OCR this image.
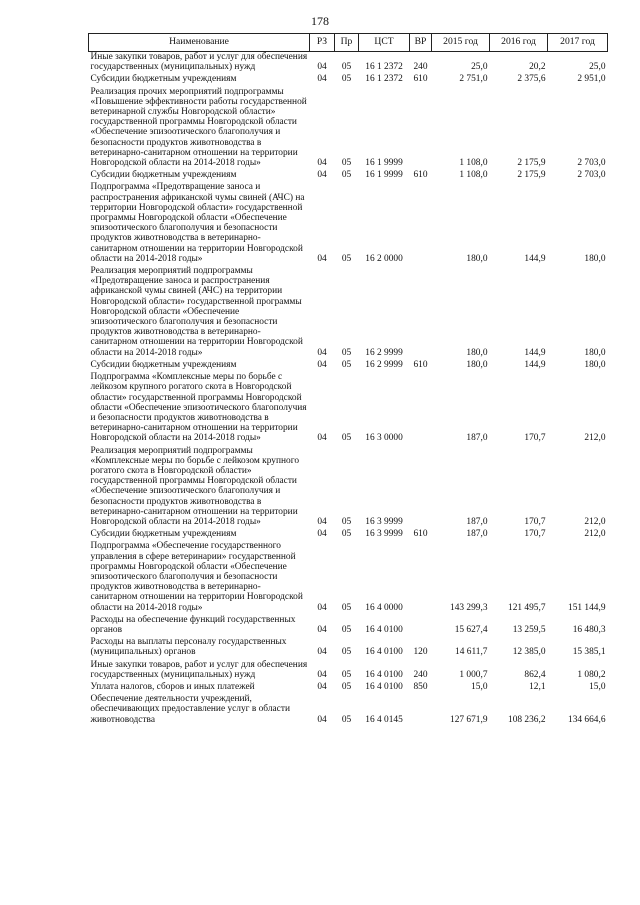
178
Наименование	РЗ	Пр	ЦСТ	ВР	2015 год	2016 год	2017 год
Иные закупки товаров, работ и услуг для обеспечения государственных (муниципальных) нужд	04	05	16 1 2372	240	25,0	20,2	25,0
Субсидии бюджетным учреждениям	04	05	16 1 2372	610	2 751,0	2 375,6	2 951,0
Реализация прочих мероприятий подпрограммы «Повышение эффективности работы государственной ветеринарной службы Новгородской области» государственной программы Новгородской области «Обеспечение эпизоотического благополучия и безопасности продуктов животноводства в ветеринарно-санитарном отношении на территории Новгородской области на 2014-2018 годы»	04	05	16 1 9999		1 108,0	2 175,9	2 703,0
Субсидии бюджетным учреждениям	04	05	16 1 9999	610	1 108,0	2 175,9	2 703,0
Подпрограмма «Предотвращение заноса и распространения африканской чумы свиней (АЧС) на территории Новгородской области» государственной программы Новгородской области «Обеспечение эпизоотического благополучия и безопасности продуктов животноводства в ветеринарно-санитарном отношении на территории Новгородской области на 2014-2018 годы»	04	05	16 2 0000		180,0	144,9	180,0
Реализация мероприятий подпрограммы «Предотвращение заноса и распространения африканской чумы свиней (АЧС) на территории Новгородской области» государственной программы Новгородской области «Обеспечение эпизоотического благополучия и безопасности продуктов животноводства в ветеринарно-санитарном отношении на территории Новгородской области на 2014-2018 годы»	04	05	16 2 9999		180,0	144,9	180,0
Субсидии бюджетным учреждениям	04	05	16 2 9999	610	180,0	144,9	180,0
Подпрограмма «Комплексные меры по борьбе с лейкозом крупного рогатого скота в Новгородской области» государственной программы Новгородской области «Обеспечение эпизоотического благополучия и безопасности продуктов животноводства в ветеринарно-санитарном отношении на территории Новгородской области на 2014-2018 годы»	04	05	16 3 0000		187,0	170,7	212,0
Реализация мероприятий подпрограммы «Комплексные меры по борьбе с лейкозом крупного рогатого скота в Новгородской области» государственной программы Новгородской области «Обеспечение эпизоотического благополучия и безопасности продуктов животноводства в ветеринарно-санитарном отношении на территории Новгородской области на 2014-2018 годы»	04	05	16 3 9999		187,0	170,7	212,0
Субсидии бюджетным учреждениям	04	05	16 3 9999	610	187,0	170,7	212,0
Подпрограмма «Обеспечение государственного управления в сфере ветеринарии» государственной программы Новгородской области «Обеспечение эпизоотического благополучия и безопасности продуктов животноводства в ветеринарно-санитарном отношении на территории Новгородской области на 2014-2018 годы»	04	05	16 4 0000		143 299,3	121 495,7	151 144,9
Расходы на обеспечение функций государственных органов	04	05	16 4 0100		15 627,4	13 259,5	16 480,3
Расходы на выплаты персоналу государственных (муниципальных) органов	04	05	16 4 0100	120	14 611,7	12 385,0	15 385,1
Иные закупки товаров, работ и услуг для обеспечения государственных (муниципальных) нужд	04	05	16 4 0100	240	1 000,7	862,4	1 080,2
Уплата налогов, сборов и иных платежей	04	05	16 4 0100	850	15,0	12,1	15,0
Обеспечение деятельности учреждений, обеспечивающих предоставление услуг в области животноводства	04	05	16 4 0145		127 671,9	108 236,2	134 664,6
